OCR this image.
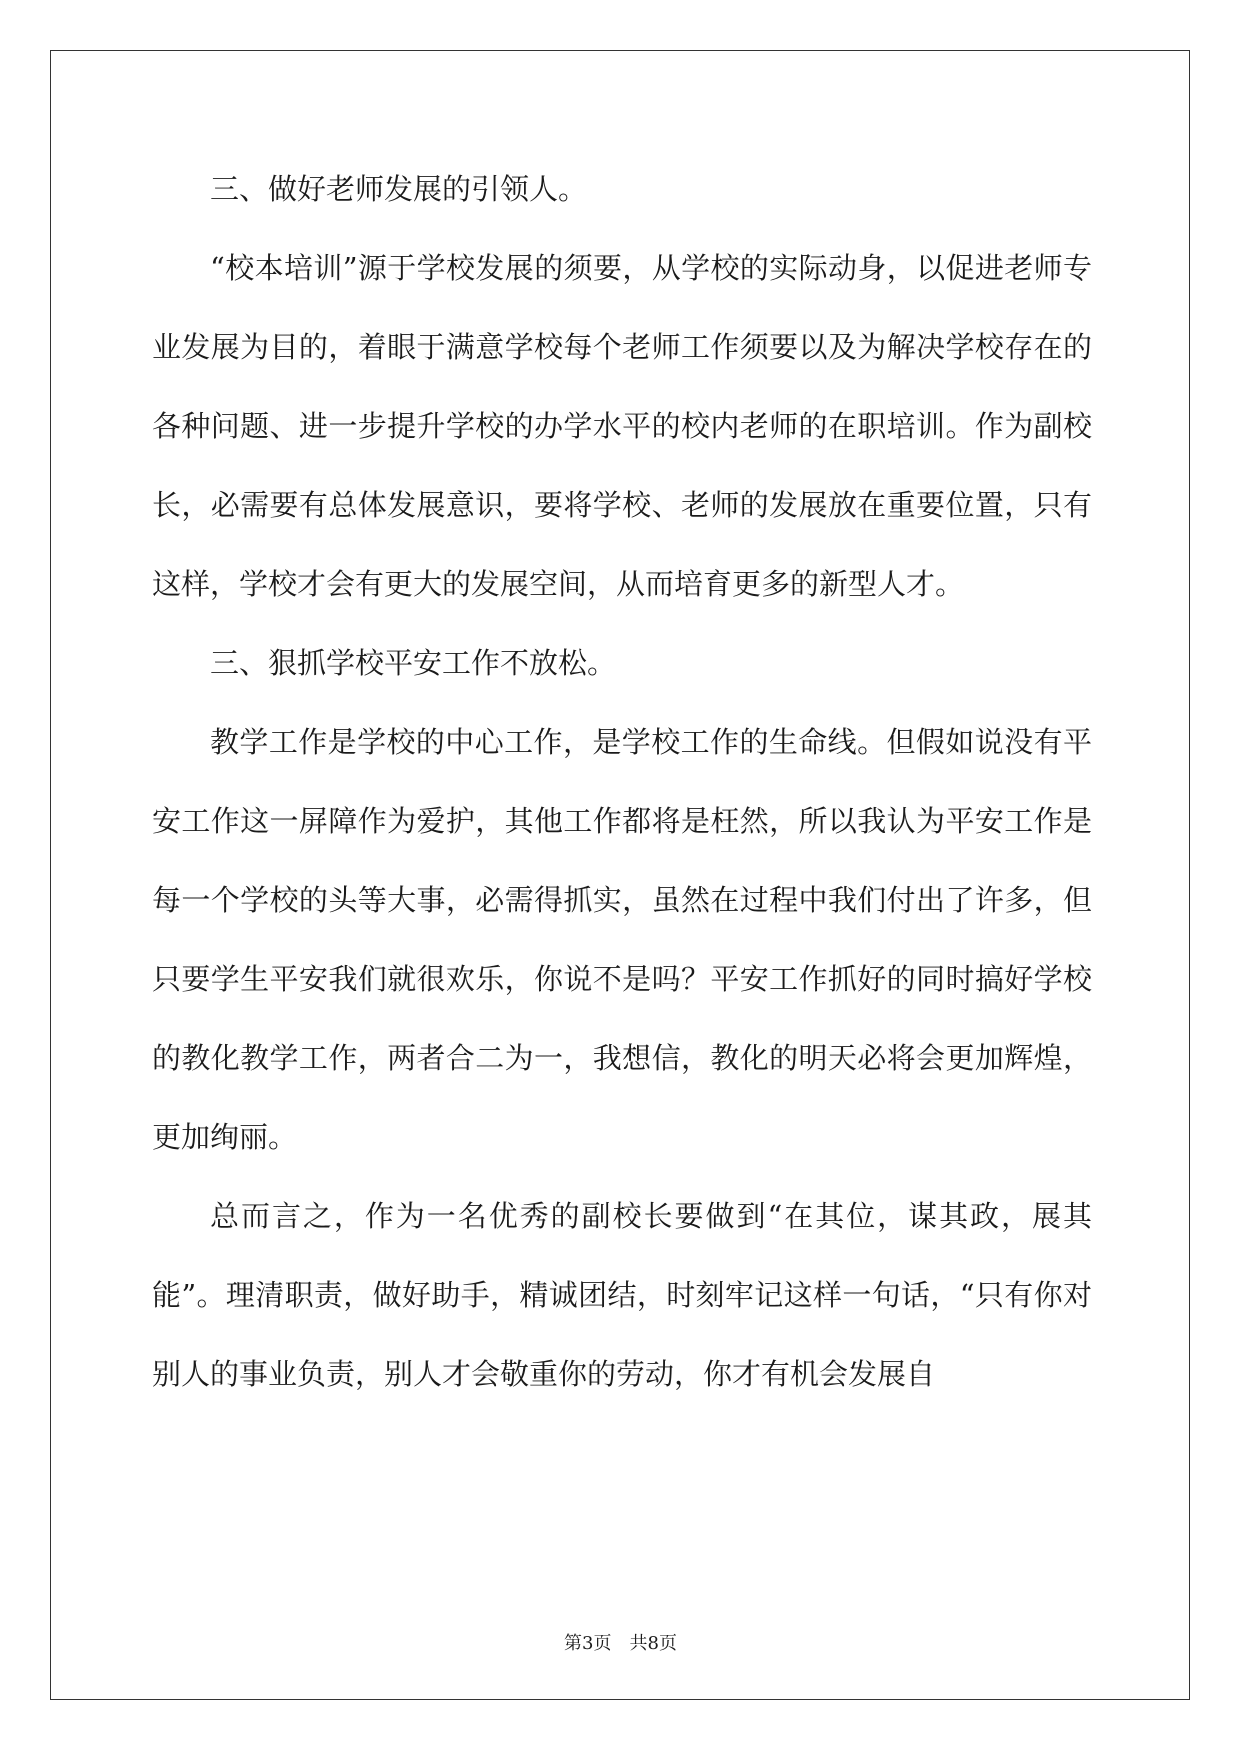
三、做好老师发展的引领人。

“校本培训”源于学校发展的须要，从学校的实际动身，以促进老师专业发展为目的，着眼于满意学校每个老师工作须要以及为解决学校存在的各种问题、进一步提升学校的办学水平的校内老师的在职培训。作为副校长，必需要有总体发展意识，要将学校、老师的发展放在重要位置，只有这样，学校才会有更大的发展空间，从而培育更多的新型人才。

三、狠抓学校平安工作不放松。

教学工作是学校的中心工作，是学校工作的生命线。但假如说没有平安工作这一屏障作为爱护，其他工作都将是枉然，所以我认为平安工作是每一个学校的头等大事，必需得抓实，虽然在过程中我们付出了许多，但只要学生平安我们就很欢乐，你说不是吗？平安工作抓好的同时搞好学校的教化教学工作，两者合二为一，我想信，教化的明天必将会更加辉煌，更加绚丽。

总而言之，作为一名优秀的副校长要做到“在其位，谋其政，展其能”。理清职责，做好助手，精诚团结，时刻牢记这样一句话，“只有你对别人的事业负责，别人才会敬重你的劳动，你才有机会发展自

第3页　共8页
